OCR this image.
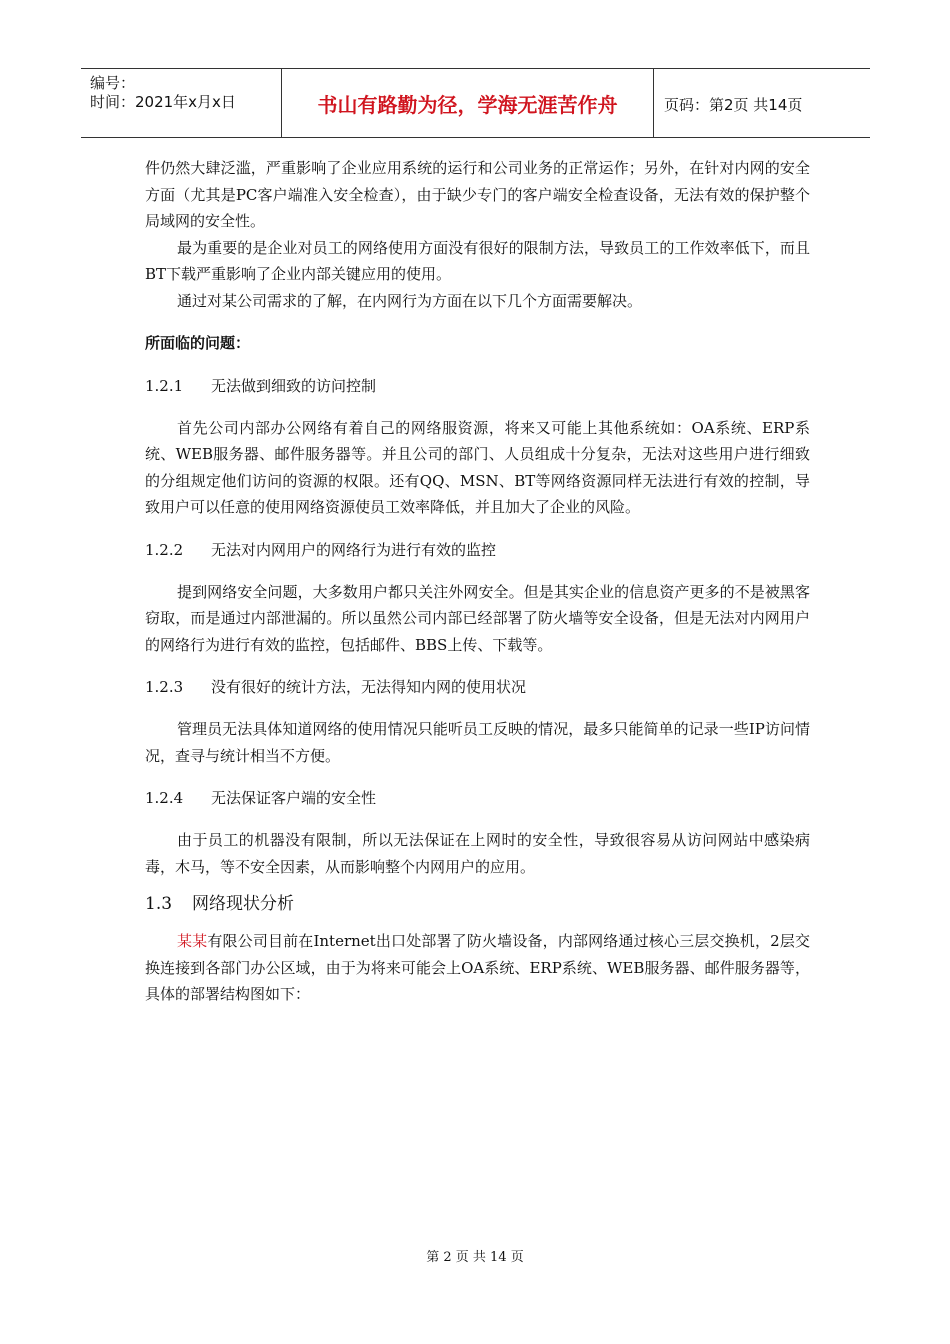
编号：
时间：2021年x月x日	书山有路勤为径，学海无涯苦作舟	页码：第2页 共14页

件仍然大肆泛滥，严重影响了企业应用系统的运行和公司业务的正常运作；另外，在针对内网的安全方面（尤其是PC客户端准入安全检查），由于缺少专门的客户端安全检查设备，无法有效的保护整个局域网的安全性。

最为重要的是企业对员工的网络使用方面没有很好的限制方法，导致员工的工作效率低下，而且BT下载严重影响了企业内部关键应用的使用。

通过对某公司需求的了解，在内网行为方面在以下几个方面需要解决。

所面临的问题：

1.2.1 无法做到细致的访问控制

首先公司内部办公网络有着自己的网络服资源，将来又可能上其他系统如：OA系统、ERP系统、WEB服务器、邮件服务器等。并且公司的部门、人员组成十分复杂，无法对这些用户进行细致的分组规定他们访问的资源的权限。还有QQ、MSN、BT等网络资源同样无法进行有效的控制，导致用户可以任意的使用网络资源使员工效率降低，并且加大了企业的风险。

1.2.2 无法对内网用户的网络行为进行有效的监控

提到网络安全问题，大多数用户都只关注外网安全。但是其实企业的信息资产更多的不是被黑客窃取，而是通过内部泄漏的。所以虽然公司内部已经部署了防火墙等安全设备，但是无法对内网用户的网络行为进行有效的监控，包括邮件、BBS上传、下载等。

1.2.3 没有很好的统计方法，无法得知内网的使用状况

管理员无法具体知道网络的使用情况只能听员工反映的情况，最多只能简单的记录一些IP访问情况，查寻与统计相当不方便。

1.2.4 无法保证客户端的安全性

由于员工的机器没有限制，所以无法保证在上网时的安全性，导致很容易从访问网站中感染病毒，木马，等不安全因素，从而影响整个内网用户的应用。

1.3 网络现状分析

某某有限公司目前在Internet出口处部署了防火墙设备，内部网络通过核心三层交换机，2层交换连接到各部门办公区域，由于为将来可能会上OA系统、ERP系统、WEB服务器、邮件服务器等，具体的部署结构图如下：

第 2 页 共 14 页
